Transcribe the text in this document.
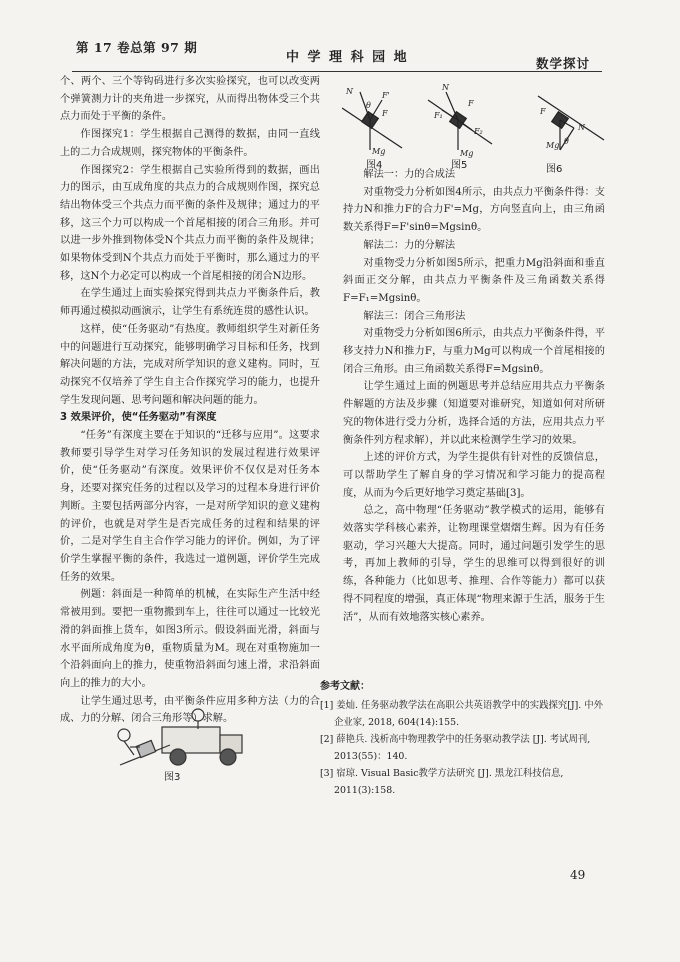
第 17 卷总第 97 期
中 学 理 科 园 地	数学探讨

个、两个、三个等钩码进行多次实验探究，也可以改变两个弹簧测力计的夹角进一步探究，从而得出物体受三个共点力而处于平衡的条件。

作图探究1：学生根据自己测得的数据，由同一直线上的二力合成规则，探究物体的平衡条件。

作图探究2：学生根据自己实验所得到的数据，画出力的图示，由互成角度的共点力的合成规则作图，探究总结出物体受三个共点力而平衡的条件及规律；通过力的平移，这三个力可以构成一个首尾相接的闭合三角形。并可以进一步外推到物体受N个共点力而平衡的条件及规律；如果物体受到N个共点力而处于平衡时，那么通过力的平移，这N个力必定可以构成一个首尾相接的闭合N边形。

在学生通过上面实验探究得到共点力平衡条件后，教师再通过模拟动画演示，让学生有系统连贯的感性认识。

这样，使“任务驱动”有热度。教师组织学生对新任务中的问题进行互动探究，能够明确学习目标和任务，找到解决问题的方法，完成对所学知识的意义建构。同时，互动探究不仅培养了学生自主合作探究学习的能力，也提升学生发现问题、思考问题和解决问题的能力。

3 效果评价，使“任务驱动”有深度

“任务”有深度主要在于知识的“迁移与应用”。这要求教师要引导学生对学习任务知识的发展过程进行效果评价，使“任务驱动”有深度。效果评价不仅仅是对任务本身，还要对探究任务的过程以及学习的过程本身进行评价判断。主要包括两部分内容，一是对所学知识的意义建构的评价，也就是对学生是否完成任务的过程和结果的评价，二是对学生自主合作学习能力的评价。例如，为了评价学生掌握平衡的条件，我选过一道例题，评价学生完成任务的效果。

例题：斜面是一种简单的机械，在实际生产生活中经常被用到。要把一重物搬到车上，往往可以通过一比较光滑的斜面推上货车，如图3所示。假设斜面光滑，斜面与水平面所成角度为θ，重物质量为M。现在对重物施加一个沿斜面向上的推力，使重物沿斜面匀速上滑，求沿斜面向上的推力的大小。

让学生通过思考，由平衡条件应用多种方法（力的合成、力的分解、闭合三角形等）求解。

图3
N	F'
F
θ
Mg
N
F
F₁
F₂
Mg
F
N
θ
Mg
图4	图5	图6

解法一：力的合成法

对重物受力分析如图4所示，由共点力平衡条件得：支持力N和推力F的合力F'=Mg，方向竖直向上，由三角函数关系得F=F'sinθ=Mgsinθ。

解法二：力的分解法

对重物受力分析如图5所示，把重力Mg沿斜面和垂直斜面正交分解，由共点力平衡条件及三角函数关系得F=F₁=Mgsinθ。

解法三：闭合三角形法

对重物受力分析如图6所示，由共点力平衡条件得，平移支持力N和推力F，与重力Mg可以构成一个首尾相接的闭合三角形。由三角函数关系得F=Mgsinθ。

让学生通过上面的例题思考并总结应用共点力平衡条件解题的方法及步骤（知道要对谁研究，知道如何对所研究的物体进行受力分析，选择合适的方法，应用共点力平衡条件列方程求解），并以此来检测学生学习的效果。

上述的评价方式，为学生提供有针对性的反馈信息，可以帮助学生了解自身的学习情况和学习能力的提高程度，从而为今后更好地学习奠定基础[3]。

总之，高中物理“任务驱动”教学模式的运用，能够有效落实学科核心素养，让物理课堂熠熠生辉。因为有任务驱动，学习兴趣大大提高。同时，通过问题引发学生的思考，再加上教师的引导，学生的思维可以得到很好的训练，各种能力（比如思考、推理、合作等能力）都可以获得不同程度的增强，真正体现“物理来源于生活，服务于生活”，从而有效地落实核心素养。

参考文献：

[1] 姜灿. 任务驱动教学法在高职公共英语教学中的实践探究[J]. 中外企业家, 2018, 604(14):155.

[2] 薛艳兵. 浅析高中物理教学中的任务驱动教学法 [J]. 考试周刊, 2013(55)：140.

[3] 宿琼. Visual Basic教学方法研究 [J]. 黑龙江科技信息, 2011(3):158.

49
